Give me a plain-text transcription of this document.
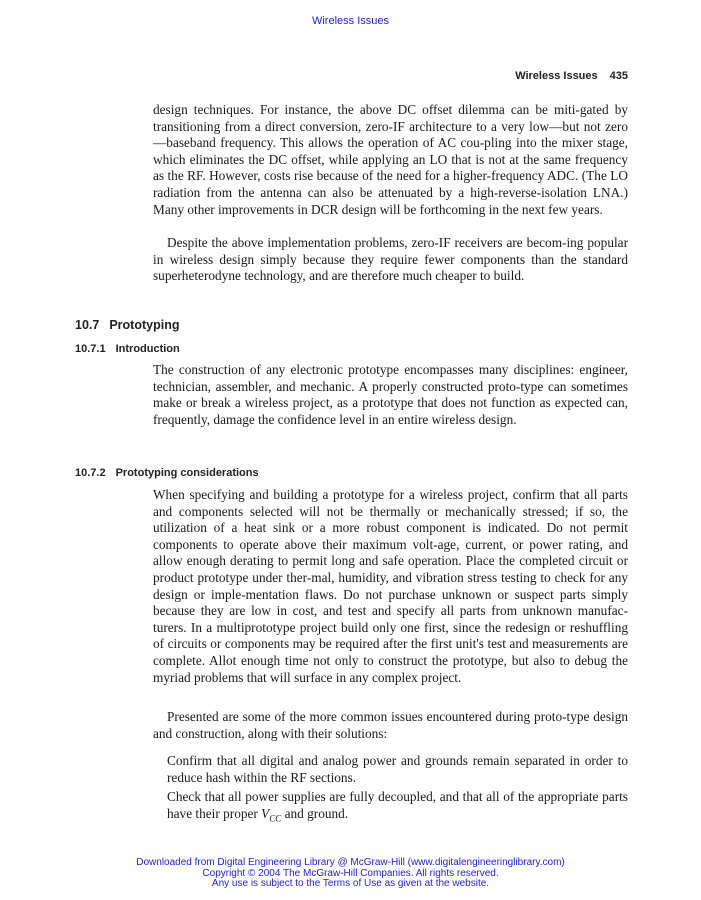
Wireless Issues
Wireless Issues 435

design techniques. For instance, the above DC offset dilemma can be miti-gated by transitioning from a direct conversion, zero-IF architecture to a very low—but not zero—baseband frequency. This allows the operation of AC cou-pling into the mixer stage, which eliminates the DC offset, while applying an LO that is not at the same frequency as the RF. However, costs rise because of the need for a higher-frequency ADC. (The LO radiation from the antenna can also be attenuated by a high-reverse-isolation LNA.) Many other improvements in DCR design will be forthcoming in the next few years.

Despite the above implementation problems, zero-IF receivers are becom-ing popular in wireless design simply because they require fewer components than the standard superheterodyne technology, and are therefore much cheaper to build.

10.7 Prototyping
10.7.1 Introduction

The construction of any electronic prototype encompasses many disciplines: engineer, technician, assembler, and mechanic. A properly constructed proto-type can sometimes make or break a wireless project, as a prototype that does not function as expected can, frequently, damage the confidence level in an entire wireless design.

10.7.2 Prototyping considerations

When specifying and building a prototype for a wireless project, confirm that all parts and components selected will not be thermally or mechanically stressed; if so, the utilization of a heat sink or a more robust component is indicated. Do not permit components to operate above their maximum volt-age, current, or power rating, and allow enough derating to permit long and safe operation. Place the completed circuit or product prototype under ther-mal, humidity, and vibration stress testing to check for any design or imple-mentation flaws. Do not purchase unknown or suspect parts simply because they are low in cost, and test and specify all parts from unknown manufac-turers. In a multiprototype project build only one first, since the redesign or reshuffling of circuits or components may be required after the first unit's test and measurements are complete. Allot enough time not only to construct the prototype, but also to debug the myriad problems that will surface in any complex project.

Presented are some of the more common issues encountered during proto-type design and construction, along with their solutions:

Confirm that all digital and analog power and grounds remain separated in order to reduce hash within the RF sections.

Check that all power supplies are fully decoupled, and that all of the appropriate parts have their proper $V_{CC}$ and ground.

Downloaded from Digital Engineering Library @ McGraw-Hill (www.digitalengineeringlibrary.com)
Copyright © 2004 The McGraw-Hill Companies. All rights reserved.
Any use is subject to the Terms of Use as given at the website.
